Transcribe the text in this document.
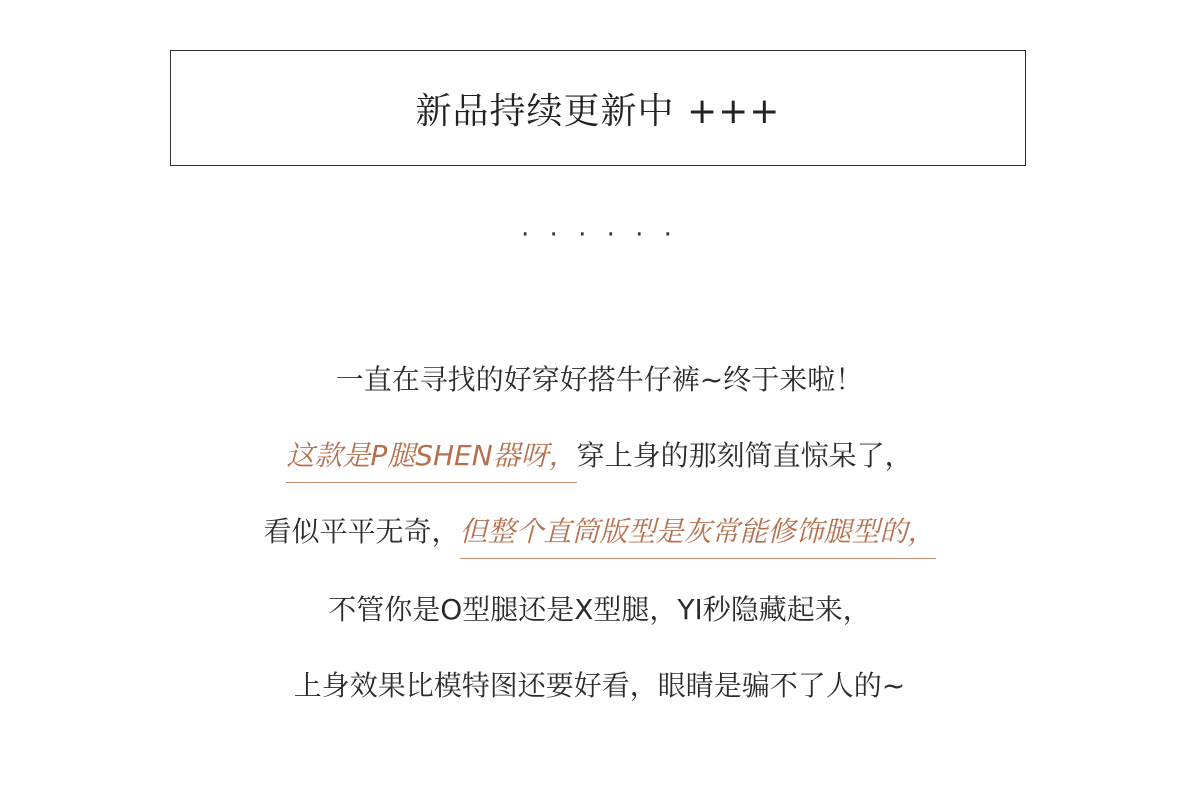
新品持续更新中 +++
· · · · · ·
一直在寻找的好穿好搭牛仔裤~终于来啦！
这款是P腿SHEN器呀，穿上身的那刻简直惊呆了，
看似平平无奇，但整个直筒版型是灰常能修饰腿型的，
不管你是O型腿还是X型腿，YI秒隐藏起来，
上身效果比模特图还要好看，眼睛是骗不了人的~
